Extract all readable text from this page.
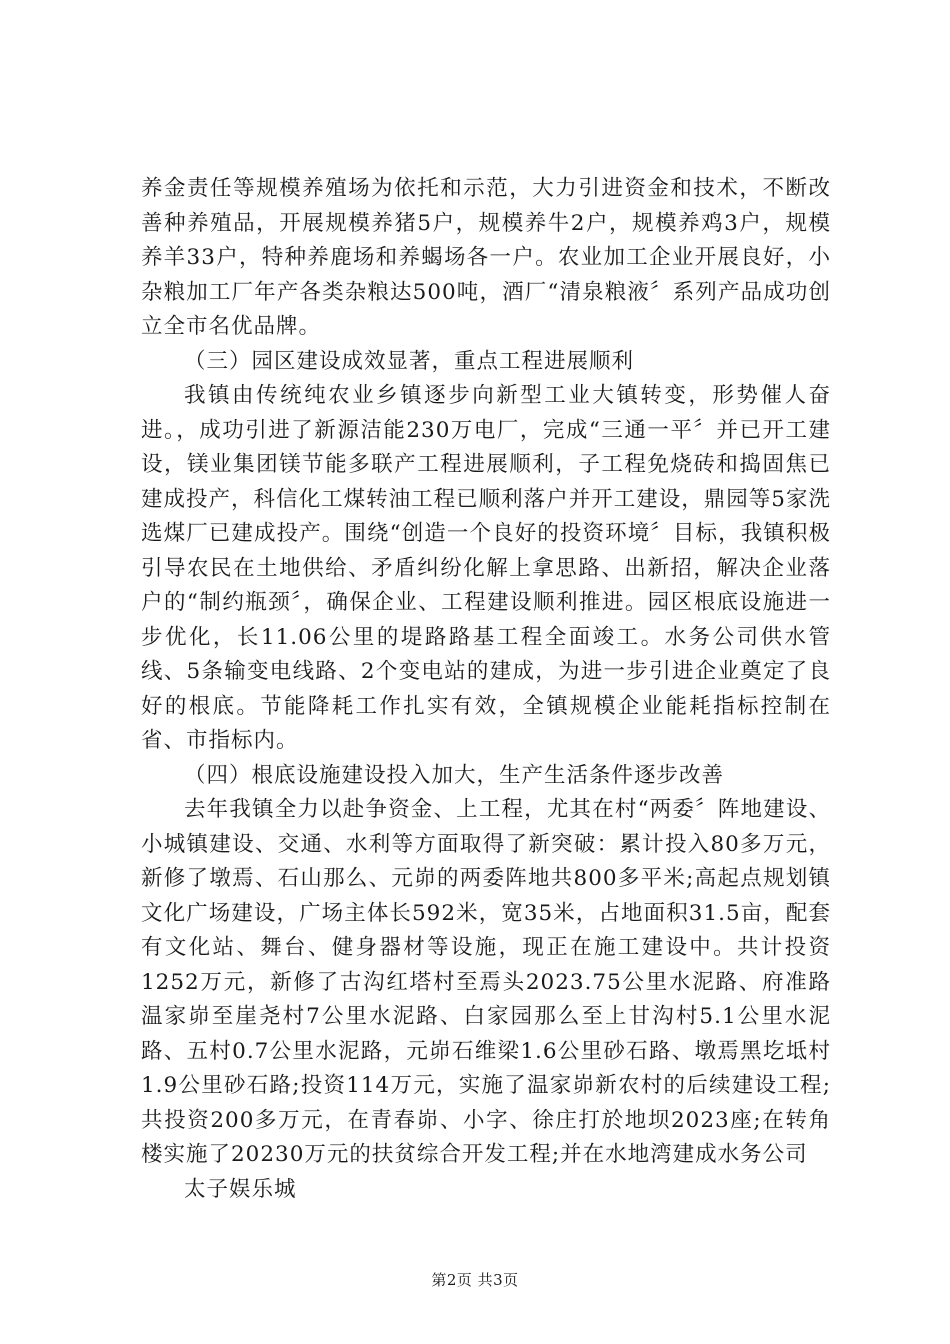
养金责任等规模养殖场为依托和示范，大力引进资金和技术，不断改善种养殖品，开展规模养猪5户，规模养牛2户，规模养鸡3户，规模养羊33户，特种养鹿场和养蝎场各一户。农业加工企业开展良好，小杂粮加工厂年产各类杂粮达500吨，酒厂“清泉粮液〞系列产品成功创立全市名优品牌。

（三）园区建设成效显著，重点工程进展顺利

我镇由传统纯农业乡镇逐步向新型工业大镇转变，形势催人奋进。，成功引进了新源洁能230万电厂，完成“三通一平〞并已开工建设，镁业集团镁节能多联产工程进展顺利，子工程免烧砖和捣固焦已建成投产，科信化工煤转油工程已顺利落户并开工建设，鼎园等5家洗选煤厂已建成投产。围绕“创造一个良好的投资环境〞目标，我镇积极引导农民在土地供给、矛盾纠纷化解上拿思路、出新招，解决企业落户的“制约瓶颈〞，确保企业、工程建设顺利推进。园区根底设施进一步优化，长11.06公里的堤路路基工程全面竣工。水务公司供水管线、5条输变电线路、2个变电站的建成，为进一步引进企业奠定了良好的根底。节能降耗工作扎实有效，全镇规模企业能耗指标控制在省、市指标内。

（四）根底设施建设投入加大，生产生活条件逐步改善

去年我镇全力以赴争资金、上工程，尤其在村“两委〞阵地建设、小城镇建设、交通、水利等方面取得了新突破：累计投入80多万元，新修了墩焉、石山那么、元峁的两委阵地共800多平米;高起点规划镇文化广场建设，广场主体长592米，宽35米，占地面积31.5亩，配套有文化站、舞台、健身器材等设施，现正在施工建设中。共计投资1252万元，新修了古沟红塔村至焉头2023.75公里水泥路、府准路温家峁至崖尧村7公里水泥路、白家园那么至上甘沟村5.1公里水泥路、五村0.7公里水泥路，元峁石维梁1.6公里砂石路、墩焉黑圪坻村1.9公里砂石路;投资114万元，实施了温家峁新农村的后续建设工程;共投资200多万元，在青春峁、小字、徐庄打於地坝2023座;在转角楼实施了20230万元的扶贫综合开发工程;并在水地湾建成水务公司

太子娱乐城

第2页 共3页
